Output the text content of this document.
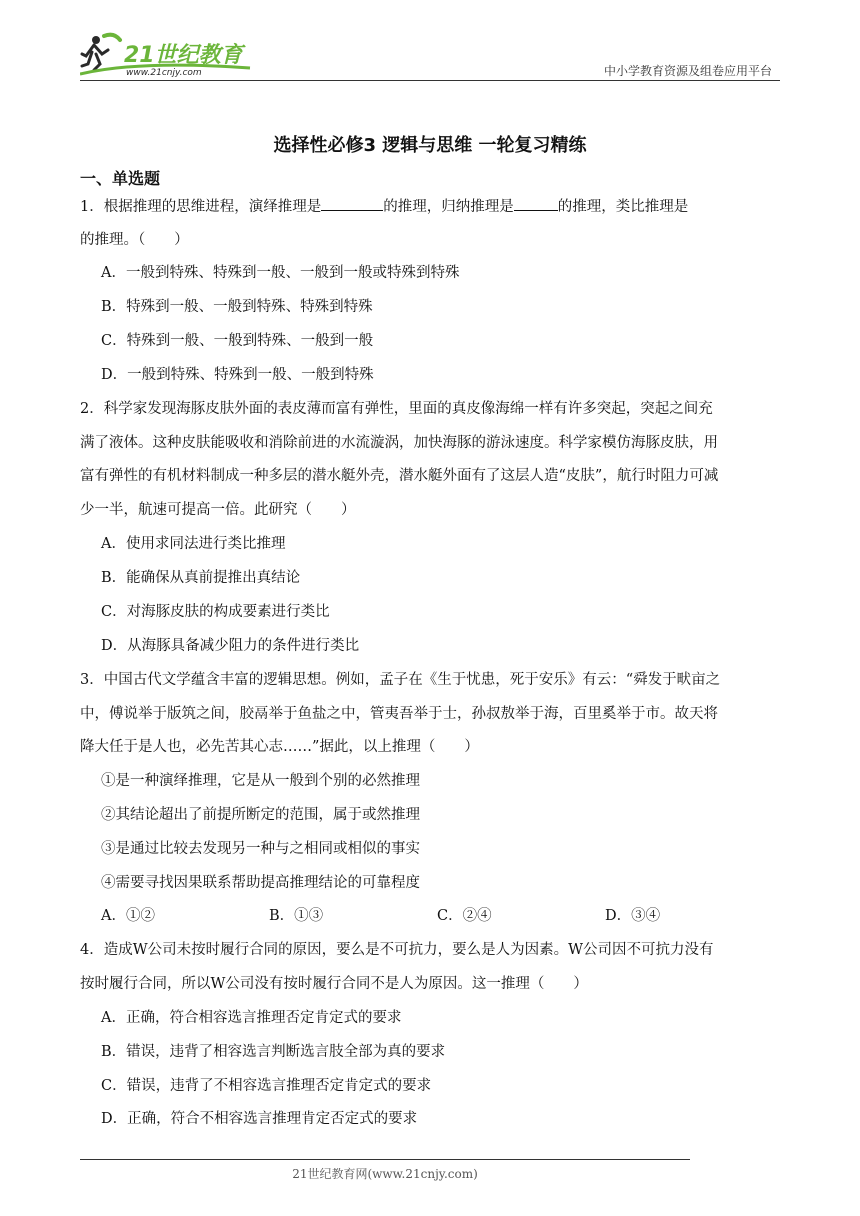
21世纪教育
www.21cnjy.com	中小学教育资源及组卷应用平台
选择性必修3 逻辑与思维 一轮复习精练
一、单选题
1．根据推理的思维进程，演绎推理是	的推理，归纳推理是	的推理，类比推理是
的推理。（　　）
A．一般到特殊、特殊到一般、一般到一般或特殊到特殊
B．特殊到一般、一般到特殊、特殊到特殊
C．特殊到一般、一般到特殊、一般到一般
D．一般到特殊、特殊到一般、一般到特殊
2．科学家发现海豚皮肤外面的表皮薄而富有弹性，里面的真皮像海绵一样有许多突起，突起之间充
满了液体。这种皮肤能吸收和消除前进的水流漩涡，加快海豚的游泳速度。科学家模仿海豚皮肤，用
富有弹性的有机材料制成一种多层的潜水艇外壳，潜水艇外面有了这层人造“皮肤”，航行时阻力可减
少一半，航速可提高一倍。此研究（　　）
A．使用求同法进行类比推理
B．能确保从真前提推出真结论
C．对海豚皮肤的构成要素进行类比
D．从海豚具备减少阻力的条件进行类比
3．中国古代文学蕴含丰富的逻辑思想。例如，孟子在《生于忧患，死于安乐》有云：“舜发于畎亩之
中，傅说举于版筑之间，胶鬲举于鱼盐之中，管夷吾举于士，孙叔敖举于海，百里奚举于市。故天将
降大任于是人也，必先苦其心志……”据此，以上推理（　　）
①是一种演绎推理，它是从一般到个别的必然推理
②其结论超出了前提所断定的范围，属于或然推理
③是通过比较去发现另一种与之相同或相似的事实
④需要寻找因果联系帮助提高推理结论的可靠程度
A．①②	B．①③	C．②④	D．③④
4．造成W公司未按时履行合同的原因，要么是不可抗力，要么是人为因素。W公司因不可抗力没有
按时履行合同，所以W公司没有按时履行合同不是人为原因。这一推理（　　）
A．正确，符合相容选言推理否定肯定式的要求
B．错误，违背了相容选言判断选言肢全部为真的要求
C．错误，违背了不相容选言推理否定肯定式的要求
D．正确，符合不相容选言推理肯定否定式的要求
21世纪教育网(www.21cnjy.com)
